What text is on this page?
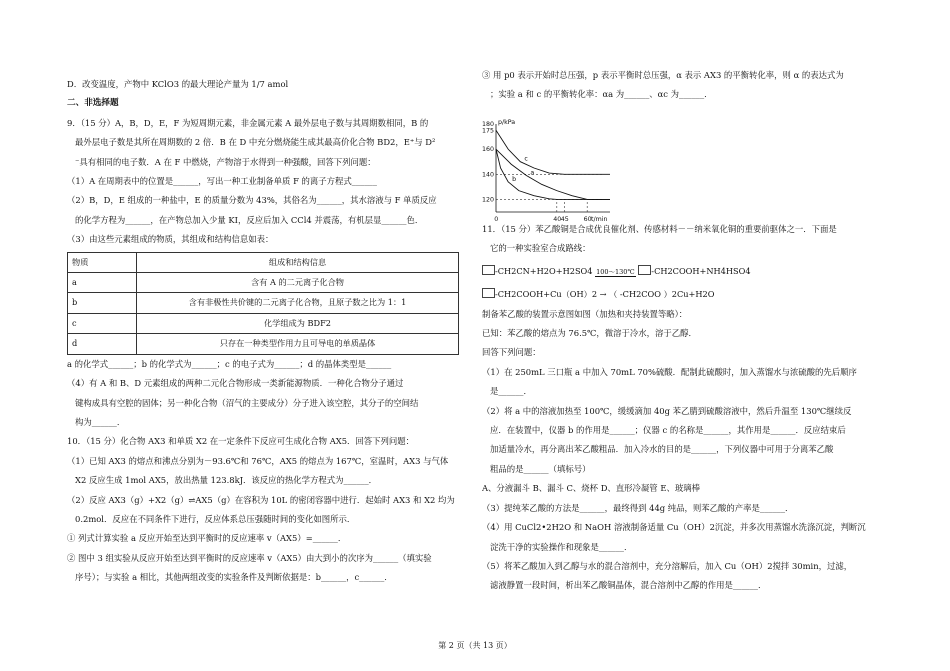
D．改变温度，产物中 KClO3 的最大理论产量为 1/7 amol

二、非选择题

9．（15 分）A，B，D，E，F 为短周期元素，非金属元素 A 最外层电子数与其周期数相同，B 的

最外层电子数是其所在周期数的 2 倍．B 在 D 中充分燃烧能生成其最高价化合物 BD2，E⁺与 D²

⁻具有相同的电子数．A 在 F 中燃烧，产物溶于水得到一种强酸，回答下列问题：

（1）A 在周期表中的位置是______，写出一种工业制备单质 F 的离子方程式______

（2）B，D，E 组成的一种盐中，E 的质量分数为 43%，其俗名为______，其水溶液与 F 单质反应

的化学方程为______，在产物总加入少量 KI，反应后加入 CCl4 并震荡，有机层显______色．

（3）由这些元素组成的物质，其组成和结构信息如表：

物质	组成和结构信息
a	含有 A 的二元离子化合物
b	含有非极性共价键的二元离子化合物，且原子数之比为 1：1
c	化学组成为 BDF2
d	只存在一种类型作用力且可导电的单质晶体

a 的化学式______；b 的化学式为______；c 的电子式为______；d 的晶体类型是______

（4）有 A 和 B、D 元素组成的两种二元化合物形成一类新能源物质．一种化合物分子通过

键构成具有空腔的固体；另一种化合物（沼气的主要成分）分子进入该空腔，其分子的空间结

构为______．

10．（15 分）化合物 AX3 和单质 X2 在一定条件下反应可生成化合物 AX5．回答下列问题：

（1）已知 AX3 的熔点和沸点分别为－93.6℃和 76℃，AX5 的熔点为 167℃，室温时，AX3 与气体

X2 反应生成 1mol AX5，放出热量 123.8kJ．该反应的热化学方程式为______．

（2）反应 AX3（g）+X2（g）⇌AX5（g）在容积为 10L 的密闭容器中进行．起始时 AX3 和 X2 均为

0.2mol．反应在不同条件下进行，反应体系总压强随时间的变化如图所示．

① 列式计算实验 a 反应开始至达到平衡时的反应速率 v（AX5）=______．

② 图中 3 组实验从反应开始至达到平衡时的反应速率 v（AX5）由大到小的次序为______（填实验

序号）；与实验 a 相比，其他两组改变的实验条件及判断依据是：b______，c______．

③ 用 p0 表示开始时总压强，p 表示平衡时总压强，α 表示 AX3 的平衡转化率，则 α 的表达式为

；实验 a 和 c 的平衡转化率：αa 为______、αc 为______．

11．（15 分）苯乙酸铜是合成优良催化剂、传感材料－－纳米氧化铜的重要前驱体之一．下面是

它的一种实验室合成路线：

-CH2CN+H2O+H2SO4 100～130℃ -CH2COOH+NH4HSO4

-CH2COOH+Cu（OH）2 → （ -CH2COO ）2Cu+H2O

制备苯乙酸的装置示意图如图（加热和夹持装置等略）：

已知：苯乙酸的熔点为 76.5℃，微溶于冷水，溶于乙醇．

回答下列问题：

（1）在 250mL 三口瓶 a 中加入 70mL 70%硫酸．配制此硫酸时，加入蒸馏水与浓硫酸的先后顺序

是______．

（2）将 a 中的溶液加热至 100℃，缓缓滴加 40g 苯乙腈到硫酸溶液中，然后升温至 130℃继续反

应．在装置中，仪器 b 的作用是______；仪器 c 的名称是______，其作用是______．反应结束后

加适量冷水，再分离出苯乙酸粗品．加入冷水的目的是______，下列仪器中可用于分离苯乙酸

粗品的是______（填标号）

A、分液漏斗 B、漏斗 C、烧杯 D、直形冷凝管 E、玻璃棒

（3）提纯苯乙酸的方法是______，最终得到 44g 纯品，则苯乙酸的产率是______．

（4）用 CuCl2•2H2O 和 NaOH 溶液制备适量 Cu（OH）2沉淀，并多次用蒸馏水洗涤沉淀，判断沉

淀洗干净的实验操作和现象是______．

（5）将苯乙酸加入到乙醇与水的混合溶剂中，充分溶解后，加入 Cu（OH）2搅拌 30min，过滤，

滤液静置一段时间，析出苯乙酸铜晶体，混合溶剂中乙醇的作用是______．

p/kPa
t/min
180
175
160
140
120
0	40 45 60
b
a
c
第 2 页（共 13 页）
